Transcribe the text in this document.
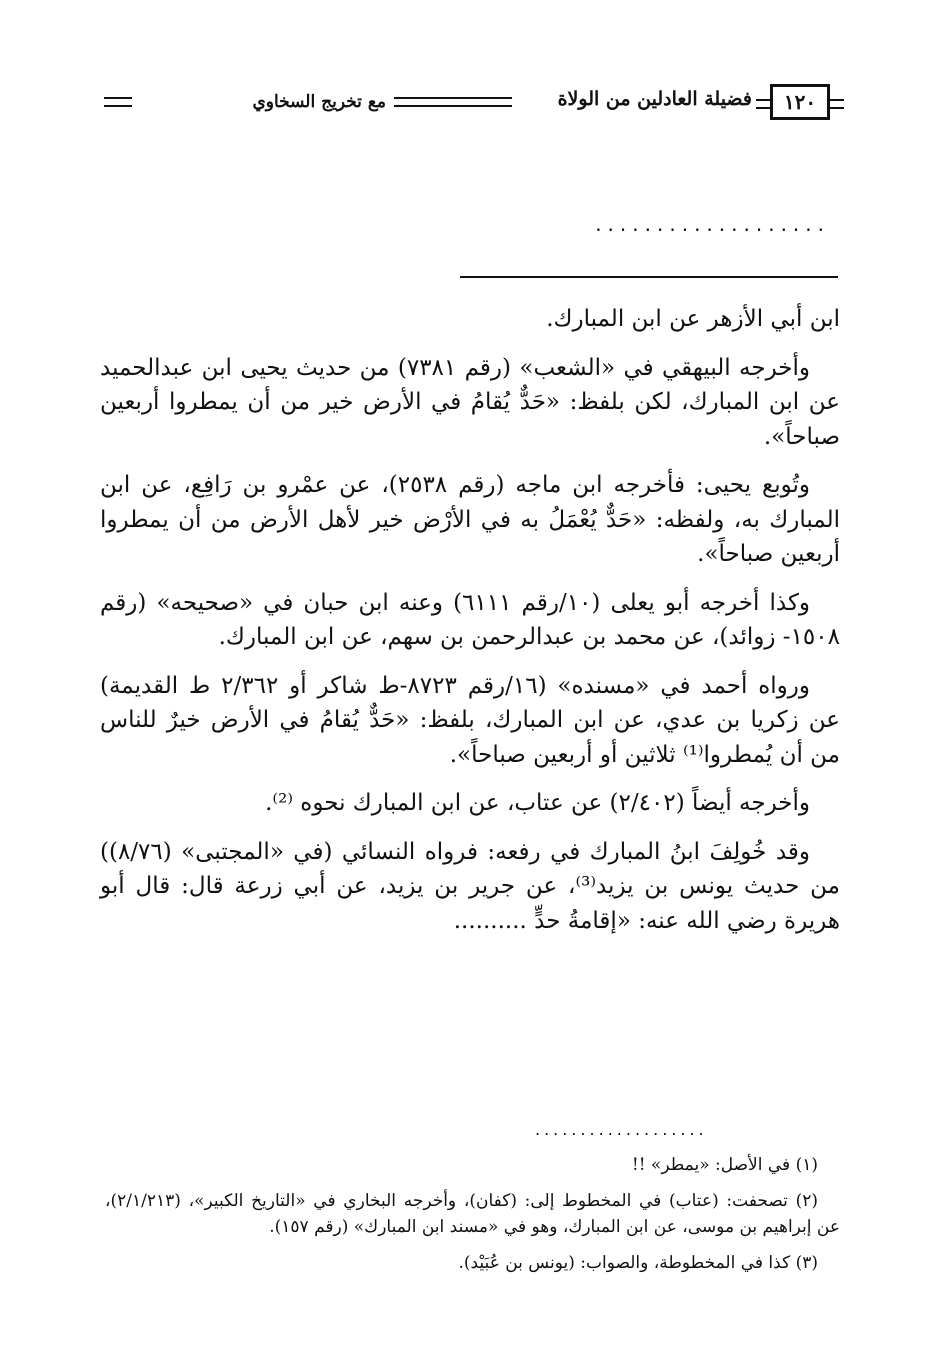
١٢٠
فضيلة العادلين من الولاة
مع تخريج السخاوي
...................

ابن أبي الأزهر عن ابن المبارك.

وأخرجه البيهقي في «الشعب» (رقم ٧٣٨١) من حديث يحيى ابن عبدالحميد عن ابن المبارك، لكن بلفظ: «حَدٌّ يُقامُ في الأرض خير من أن يمطروا أربعين صباحاً».

وتُوبع يحيى: فأخرجه ابن ماجه (رقم ٢٥٣٨)، عن عمْرو بن رَافِع، عن ابن المبارك به، ولفظه: «حَدٌّ يُعْمَلُ به في الأرْض خير لأهل الأرض من أن يمطروا أربعين صباحاً».

وكذا أخرجه أبو يعلى (١٠/رقم ٦١١١) وعنه ابن حبان في «صحيحه» (رقم ١٥٠٨- زوائد)، عن محمد بن عبدالرحمن بن سهم، عن ابن المبارك.

ورواه أحمد في «مسنده» (١٦/رقم ٨٧٢٣-ط شاكر أو ٢/٣٦٢ ط القديمة) عن زكريا بن عدي، عن ابن المبارك، بلفظ: «حَدٌّ يُقامُ في الأرض خيرٌ للناس من أن يُمطروا⁽¹⁾ ثلاثين أو أربعين صباحاً».

وأخرجه أيضاً (٢/٤٠٢) عن عتاب، عن ابن المبارك نحوه ⁽²⁾.

وقد خُولِفَ ابنُ المبارك في رفعه: فرواه النسائي (في «المجتبى» (٨/٧٦)) من حديث يونس بن يزيد⁽³⁾، عن جرير بن يزيد، عن أبي زرعة قال: قال أبو هريرة رضي الله عنه: «إقامةُ حدٍّ ..........

...................

(١) في الأصل: «يمطر» !!

(٢) تصحفت: (عتاب) في المخطوط إلى: (كفان)، وأخرجه البخاري في «التاريخ الكبير»، (٢/١/٢١٣)، عن إبراهيم بن موسى، عن ابن المبارك، وهو في «مسند ابن المبارك» (رقم ١٥٧).

(٣) كذا في المخطوطة، والصواب: (يونس بن عُبَيْد).
